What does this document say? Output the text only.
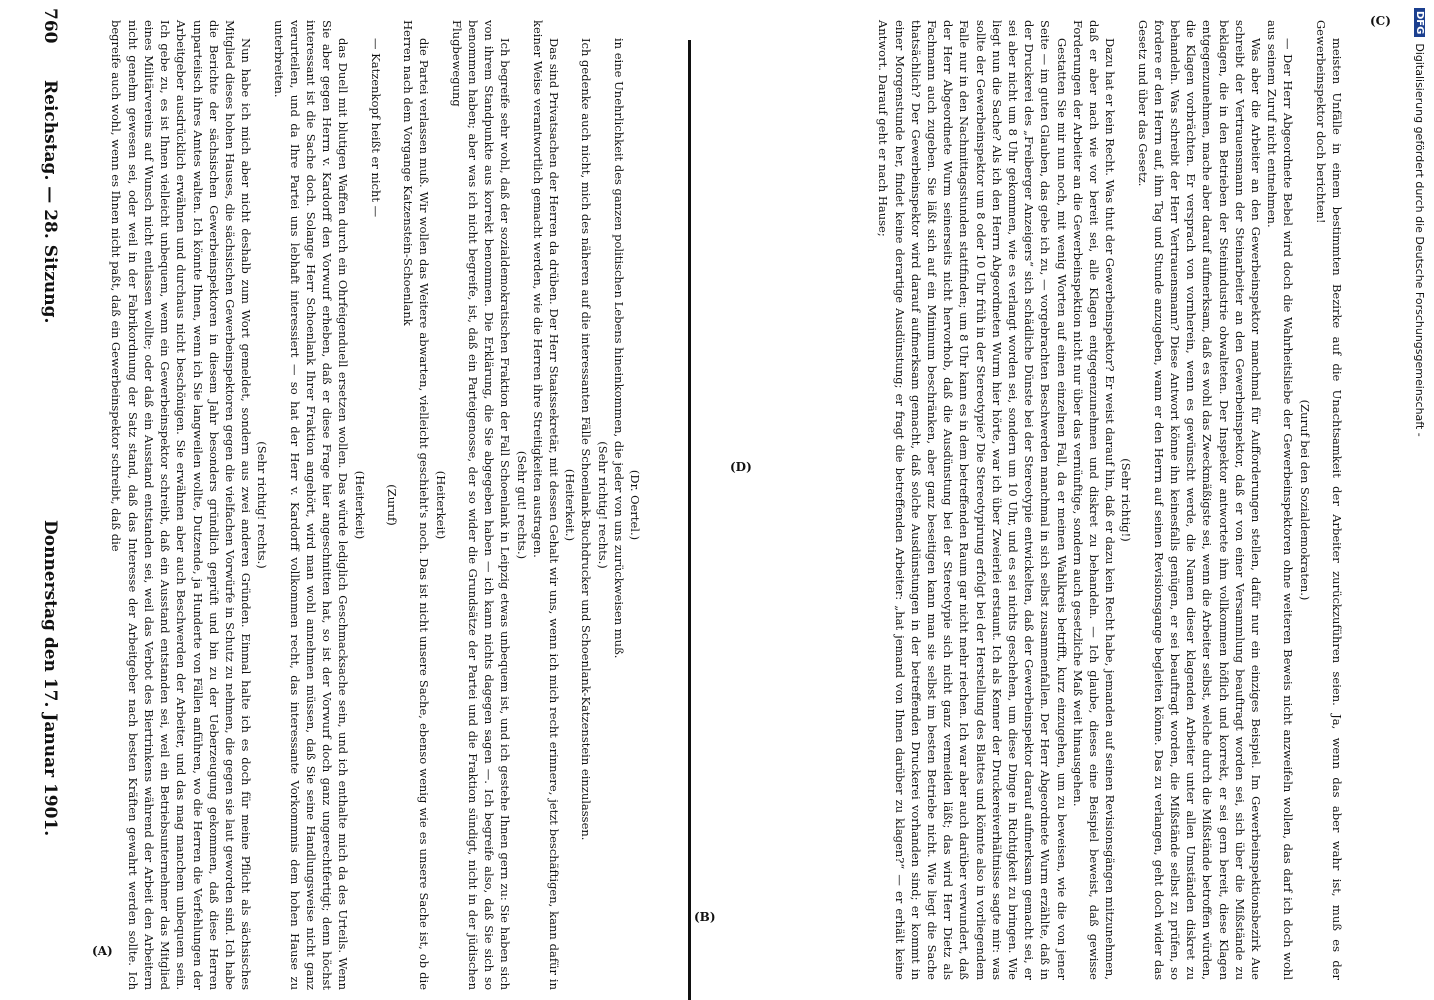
760
Reichstag. — 28. Sitzung.
Donnerstag den 17. Januar 1901.

(Dr. Oertel.)

in eine Unehrlichkeit des ganzen politischen Lebens hineinkommen, die jeder von uns zurückweisen muß.

(Sehr richtig! rechts.)

Ich gedenke auch nicht, mich des näheren auf die interessanten Fälle Schoenlank-Buchdrucker und Schoenlank-Katzenstein einzulassen.

(Heiterkeit.)

Das sind Privatsachen der Herren da drüben. Der Herr Staatssekretär, mit dessen Gehalt wir uns, wenn ich mich recht erinnere, jetzt beschäftigen, kann dafür in keiner Weise verantwortlich gemacht werden, wie die Herren ihre Streitigkeiten austragen.

(Sehr gut! rechts.)

Ich begreife sehr wohl, daß der sozialdemokratischen Fraktion der Fall Schoenlank in Leipzig etwas unbequem ist, und ich gestehe Ihnen gern zu: Sie haben sich von ihrem Standpunkte aus korrekt benommen. Die Erklärung, die Sie abgegeben haben — ich kann nichts dagegen sagen —. Ich begreife also, daß Sie sich so benommen haben; aber was ich nicht begreife, ist, daß ein Parteigenosse, der so wider die Grundsätze der Partei und die Fraktion sündigt, nicht in der jüdischen Flugbewegung

(Heiterkeit)

die Partei verlassen muß. Wir wollen das Weitere abwarten, vielleicht geschieht's noch. Das ist nicht unsere Sache, ebenso wenig wie es unsere Sache ist, ob die Herren nach dem Vorgange Katzenstein-Schoenlank

(Zuruf)

— Katzenkopf heißt er nicht —

(Heiterkeit)

das Duell mit blutigen Waffen durch ein Ohrfeigenduell ersetzen wollen. Das würde lediglich Geschmacksache sein, und ich enthalte mich da des Urteils. Wenn Sie aber gegen Herrn v. Kardorff den Vorwurf erheben, daß er diese Frage hier angeschnitten hat, so ist der Vorwurf doch ganz ungerechtfertigt; denn höchst interessant ist die Sache doch. Solange Herr Schoenlank Ihrer Fraktion angehört, wird man wohl annehmen müssen, daß Sie seine Handlungsweise nicht ganz verurteilen, und da Ihre Partei uns lebhaft interessiert — so hat der Herr v. Kardorff vollkommen recht, das interessante Vorkommnis dem hohen Hause zu unterbreiten.

(Sehr richtig! rechts.)

Nun habe ich mich aber nicht deshalb zum Wort gemeldet, sondern aus zwei anderen Gründen. Einmal halte ich es doch für meine Pflicht als sächsisches Mitglied dieses hohen Hauses, die sächsischen Gewerbeinspektoren gegen die vielfachen Vorwürfe in Schutz zu nehmen, die gegen sie laut geworden sind. Ich habe die Berichte der sächsischen Gewerbeinspektoren in diesem Jahr besonders gründlich geprüft und bin zu der Ueberzeugung gekommen, daß diese Herren unparteiisch ihres Amtes walten. Ich könnte Ihnen, wenn ich Sie langweilen wollte, Dutzende, ja Hunderte von Fällen anführen, wo die Herren die Verfehlungen der Arbeitgeber ausdrücklich erwähnen und durchaus nicht beschönigen. Sie erwähnen aber auch Beschwerden der Arbeiter, und das mag manchem unbequem sein. Ich gebe zu, es ist Ihnen vielleicht unbequem, wenn ein Gewerbeinspektor schreibt, daß ein Ausstand entstanden sei, weil ein Betriebsunternehmer das Mitglied eines Militärvereins auf Wunsch nicht entlassen wollte; oder daß ein Ausstand entstanden sei, weil das Verbot des Biertrinkens während der Arbeit den Arbeitern nicht genehm gewesen sei, oder weil in der Fabrikordnung der Satz stand, daß das Interesse der Arbeitgeber nach besten Kräften gewahrt werden sollte. Ich begreife auch wohl, wenn es Ihnen nicht paßt, daß ein Gewerbeinspektor schreibt, daß die	meisten Unfälle in einem bestimmten Bezirke auf die Unachtsamkeit der Arbeiter zurückzuführen seien. Ja, wenn das aber wahr ist, muß es der Gewerbeinspektor doch berichten!

(Zuruf bei den Sozialdemokraten.)

— Der Herr Abgeordnete Bebel wird doch die Wahrheitsliebe der Gewerbeinspektoren ohne weiteren Beweis nicht anzweifeln wollen, das darf ich doch wohl aus seinem Zuruf nicht entnehmen.

Was aber die Arbeiter an den Gewerbeinspektor manchmal für Aufforderungen stellen, dafür nur ein einziges Beispiel. Im Gewerbeinspektionsbezirk Aue schreibt der Vertrauensmann der Steinarbeiter an den Gewerbeinspektor, daß er von einer Versammlung beauftragt worden sei, sich über die Mißstände zu beklagen, die in den Betrieben der Steinindustrie obwalteten. Der Inspektor antwortete ihm vollkommen höflich und korrekt, er sei gern bereit, diese Klagen entgegenzunehmen, mache aber darauf aufmerksam, daß es wohl das Zweckmäßigste sei, wenn die Arbeiter selbst, welche durch die Mißstände betroffen würden, die Klagen vorbrächten. Er versprach von vornherein, wenn es gewünscht werde, die Namen dieser klagenden Arbeiter unter allen Umständen diskret zu behandeln. Was schreibt der Herr Vertrauensmann? Diese Antwort könne ihn keinesfalls genügen, er sei beauftragt worden, die Mißstände selbst zu prüfen, so fordere er den Herrn auf, ihm Tag und Stunde anzugeben, wann er den Herrn auf seinen Revisionsgange begleiten könne. Das zu verlangen, geht doch wider das Gesetz und über das Gesetz.

(Sehr richtig!)

Dazu hat er kein Recht. Was thut der Gewerbeinspektor? Er weist darauf hin, daß er dazu kein Recht habe, jemanden auf seinen Revisionsgängen mitzunehmen, daß er aber nach wie vor bereit sei, alle Klagen entgegenzunehmen und diskret zu behandeln. — Ich glaube, dieses eine Beispiel beweist, daß gewisse Forderungen der Arbeiter an die Gewerbeinspektion nicht nur über das vernünftige, sondern auch gesetzliche Maß weit hinausgehen.

Gestatten Sie mir nun noch, mit wenig Worten auf einen einzelnen Fall, da er meinen Wahlkreis betrifft, kurz einzugehen, um zu beweisen, wie die von jener Seite — im guten Glauben, das gebe ich zu, — vorgebrachten Beschwerden manchmal in sich selbst zusammenfallen. Der Herr Abgeordnete Wurm erzählte, daß in der Druckerei des „Freiberger Anzeigers“ sich schädliche Dünste bei der Stereotypie entwickelten, daß der Gewerbeinspektor darauf aufmerksam gemacht sei, er sei aber nicht um 8 Uhr gekommen, wie es verlangt worden sei, sondern um 10 Uhr, und es sei nichts geschehen, um diese Dinge in Richtigkeit zu bringen. Wie liegt nun die Sache? Als ich den Herrn Abgeordneten Wurm hier hörte, war ich über Zweierlei erstaunt. Ich als Kenner der Druckereiverhältnisse sagte mir: was sollte der Gewerbeinspektor um 8 oder 10 Uhr früh in der Stereotypie? Die Stereotypirung erfolgt bei der Herstellung des Blattes und könnte also in vorliegendem Falle nur in den Nachmittagsstunden stattfinden; um 8 Uhr kann es in dem betreffenden Raum gar nicht mehr riechen. Ich war aber auch darüber verwundert, daß der Herr Abgeordnete Wurm seinerseits nicht hervorhob, daß die Ausdünstung bei der Stereotypie sich nicht ganz vermeiden läßt; das wird Herr Dietz als Fachmann auch zugeben. Sie läßt sich auf ein Minimum beschränken, aber ganz beseitigen kann man sie selbst im besten Betriebe nicht. Wie liegt die Sache thatsächlich? Der Gewerbeinspektor wird darauf aufmerksam gemacht, daß solche Ausdünstungen in der betreffenden Druckerei vorhanden sind; er kommt in einer Morgenstunde her, findet keine derartige Ausdünstung; er fragt die betreffenden Arbeiter: „hat jemand von Ihnen darüber zu klagen?“ — er erhält keine Antwort. Darauf geht er nach Hause;

(A)
(B)
(C)
(D)
DFG
Digitalisierung gefördert durch die Deutsche Forschungsgemeinschaft -
